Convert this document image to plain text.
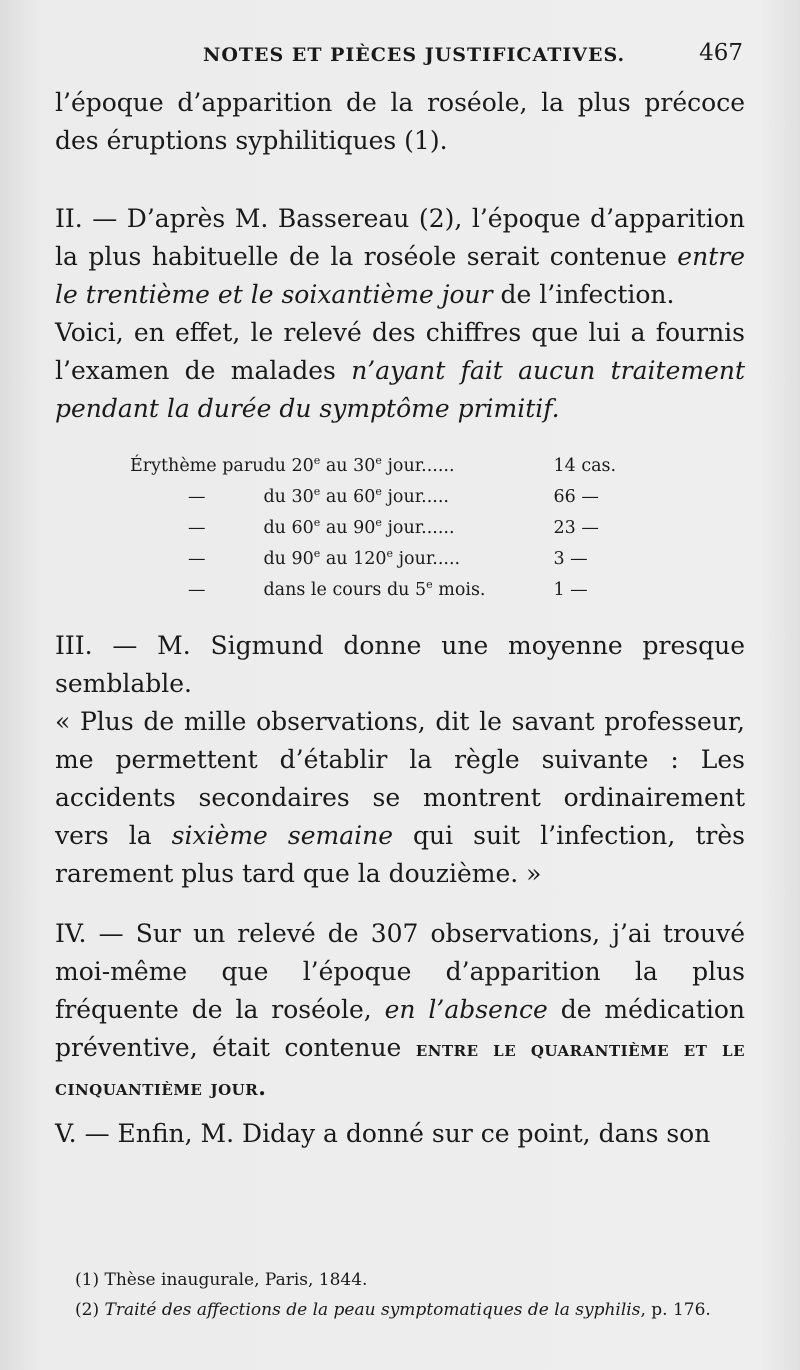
NOTES ET PIÈCES JUSTIFICATIVES.	467

l’époque d’apparition de la roséole, la plus précoce des éruptions syphilitiques (1).

II. — D’après M. Bassereau (2), l’époque d’apparition la plus habituelle de la roséole serait contenue entre le trentième et le soixantième jour de l’infection.

Voici, en effet, le relevé des chiffres que lui a fournis l’examen de malades n’ayant fait aucun traitement pendant la durée du symptôme primitif.

Érythème paru	du 20e au 30e jour......	14 cas.
—	du 30e au 60e jour.....	66 —
—	du 60e au 90e jour......	23 —
—	du 90e au 120e jour.....	3 —
—	dans le cours du 5e mois.	1 —

III. — M. Sigmund donne une moyenne presque semblable.

« Plus de mille observations, dit le savant professeur, me permettent d’établir la règle suivante : Les accidents secondaires se montrent ordinairement vers la sixième semaine qui suit l’infection, très rarement plus tard que la douzième. »

IV. — Sur un relevé de 307 observations, j’ai trouvé moi-même que l’époque d’apparition la plus fréquente de la roséole, en l’absence de médication préventive, était contenue entre le quarantième et le cinquantième jour.

V. — Enfin, M. Diday a donné sur ce point, dans son

(1) Thèse inaugurale, Paris, 1844.
(2) Traité des affections de la peau symptomatiques de la syphilis, p. 176.
